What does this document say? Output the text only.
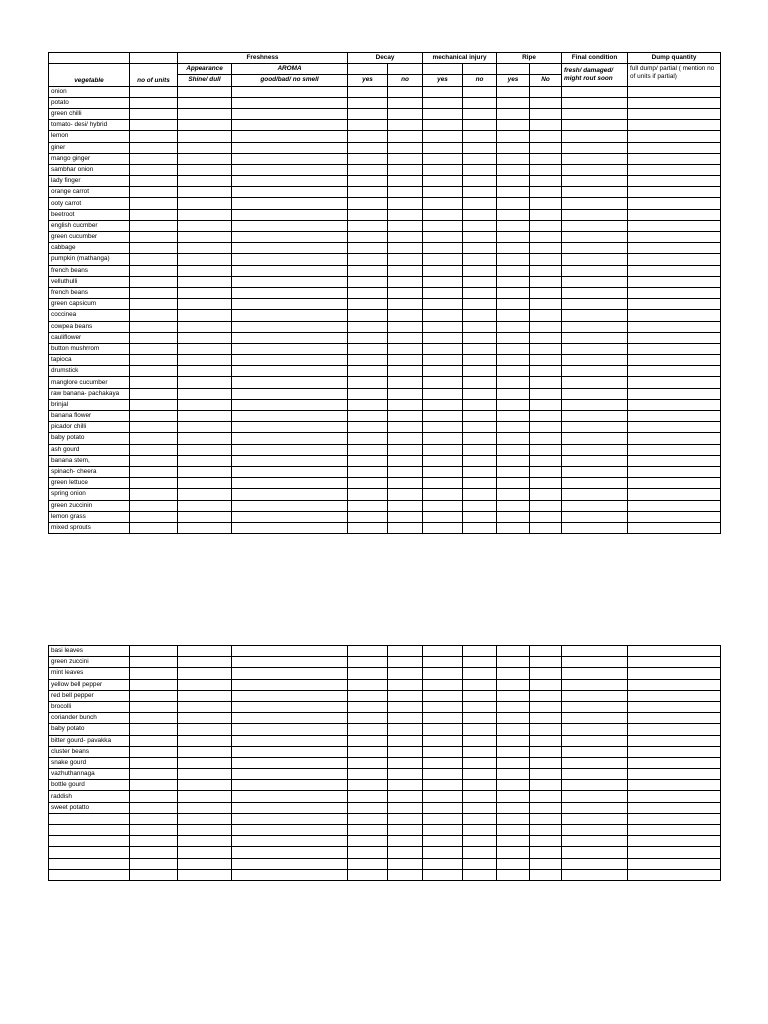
		Freshness		Decay		mechanical injury		Ripe		Final condition	Dump quantity
vegetable	no of units	Appearance	AROMA							fresh/ damaged/ might rout soon	full dump/ partial ( mention no of units if partial)
		Shine/ dull	good/bad/ no smell	yes	no	yes	no	yes	No		
onion											
potato											
green chilli											
tomato- desi/ hybrid											
lemon											
giner											
mango ginger											
sambhar onion											
lady finger											
orange carrot											
ooty carrot											
beetroot											
english cucmber											
green cucumber											
cabbage											
pumpkin (mathanga)											
french beans											
velluthulli											
french beans											
green capsicum											
coccinea											
cowpea beans											
cauliflower											
button mushrrom											
tapioca											
drumstick											
manglore cucumber											
raw banana- pachakaya											
brinjal											
banana flower											
picador chilli											
baby potato											
ash gourd											
banana stem,											
spinach- cheera											
green lettuce											
spring onion											
green zuccinin											
lemon grass											
mixed sprouts											
basi leaves											
green zuccini											
mint leaves											
yellow bell pepper											
red bell pepper											
brocolli											
coriander bunch											
baby potato											
bitter gourd- pavakka											
cluster beans											
snake gourd											
vazhuthannaga											
bottle gourd											
raddish											
sweet potatto											
